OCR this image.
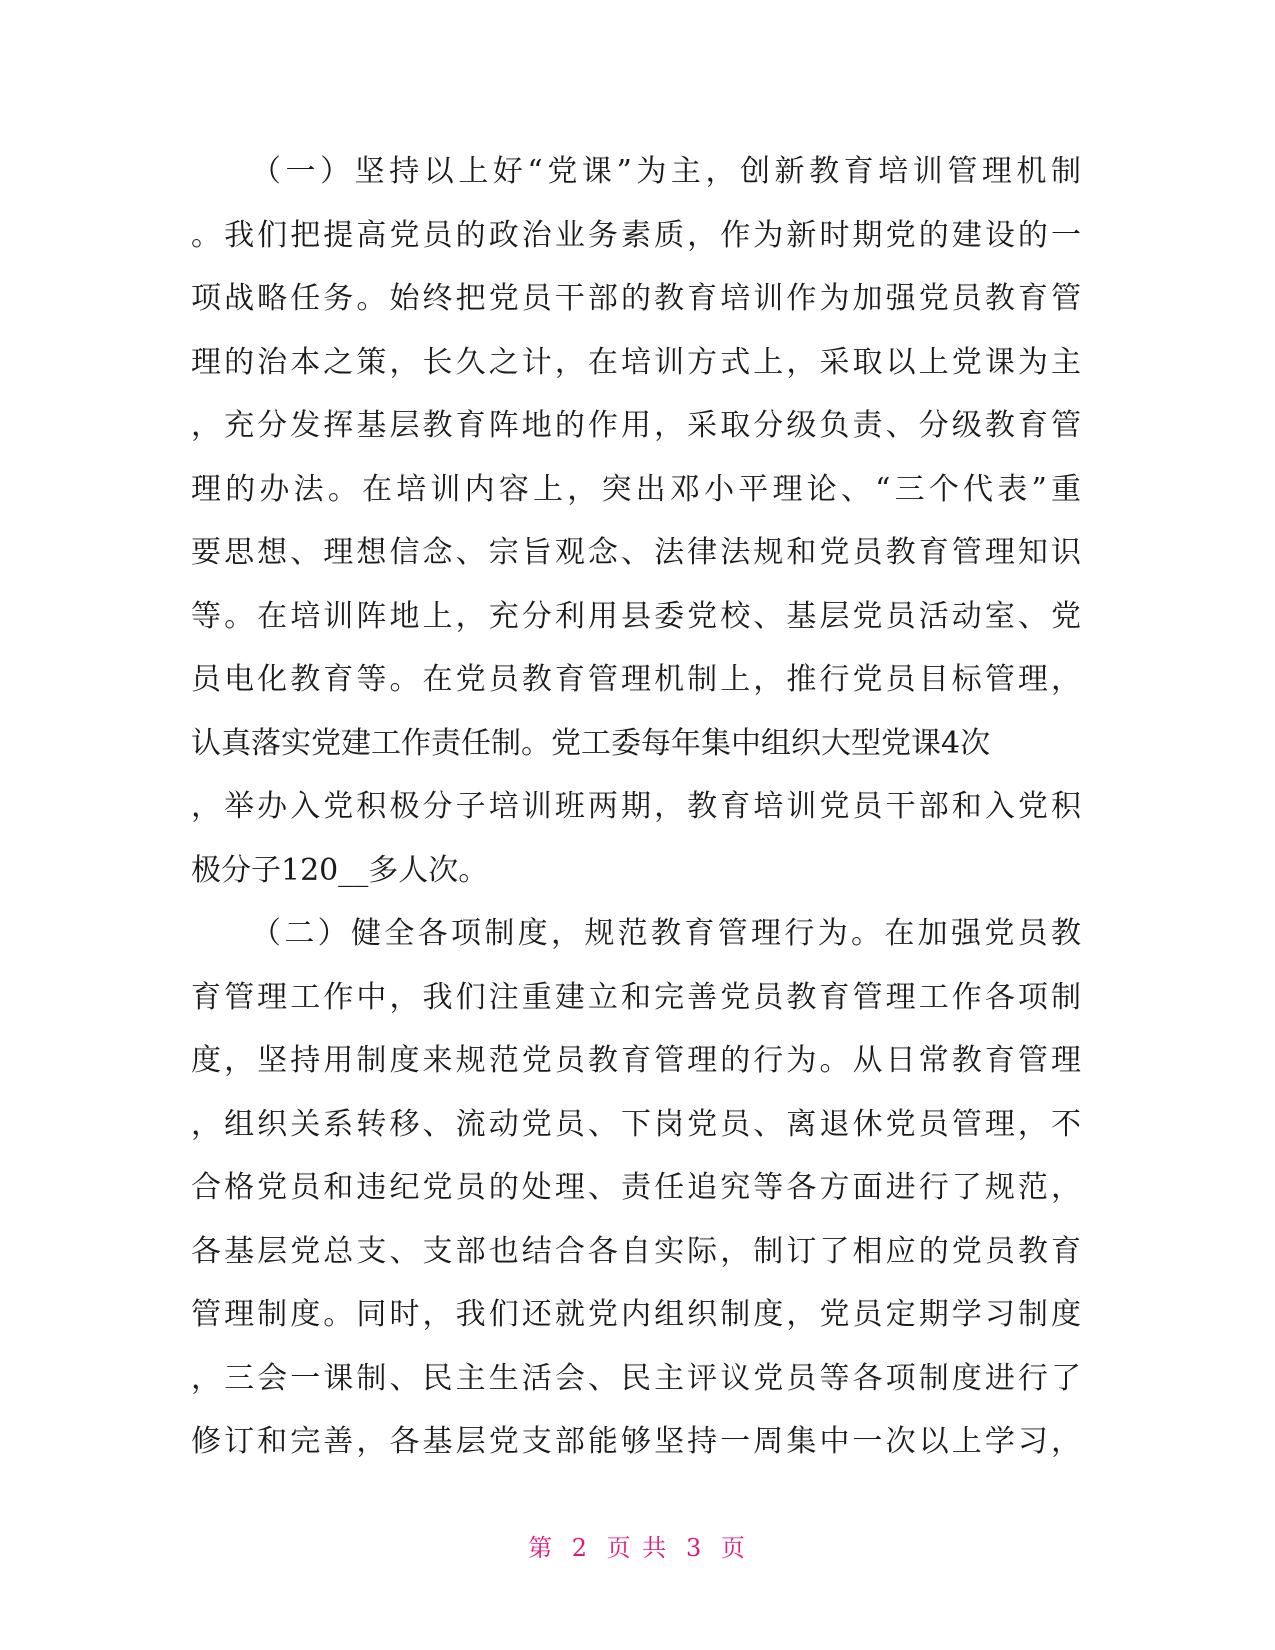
（一）坚持以上好“党课”为主，创新教育培训管理机制
。我们把提高党员的政治业务素质，作为新时期党的建设的一
项战略任务。始终把党员干部的教育培训作为加强党员教育管
理的治本之策，长久之计，在培训方式上，采取以上党课为主
，充分发挥基层教育阵地的作用，采取分级负责、分级教育管
理的办法。在培训内容上，突出邓小平理论、“三个代表”重
要思想、理想信念、宗旨观念、法律法规和党员教育管理知识
等。在培训阵地上，充分利用县委党校、基层党员活动室、党
员电化教育等。在党员教育管理机制上，推行党员目标管理，
认真落实党建工作责任制。党工委每年集中组织大型党课4次
，举办入党积极分子培训班两期，教育培训党员干部和入党积
极分子120__多人次。
（二）健全各项制度，规范教育管理行为。在加强党员教
育管理工作中，我们注重建立和完善党员教育管理工作各项制
度，坚持用制度来规范党员教育管理的行为。从日常教育管理
，组织关系转移、流动党员、下岗党员、离退休党员管理，不
合格党员和违纪党员的处理、责任追究等各方面进行了规范，
各基层党总支、支部也结合各自实际，制订了相应的党员教育
管理制度。同时，我们还就党内组织制度，党员定期学习制度
，三会一课制、民主生活会、民主评议党员等各项制度进行了
修订和完善，各基层党支部能够坚持一周集中一次以上学习，
第 2 页 共 3 页
